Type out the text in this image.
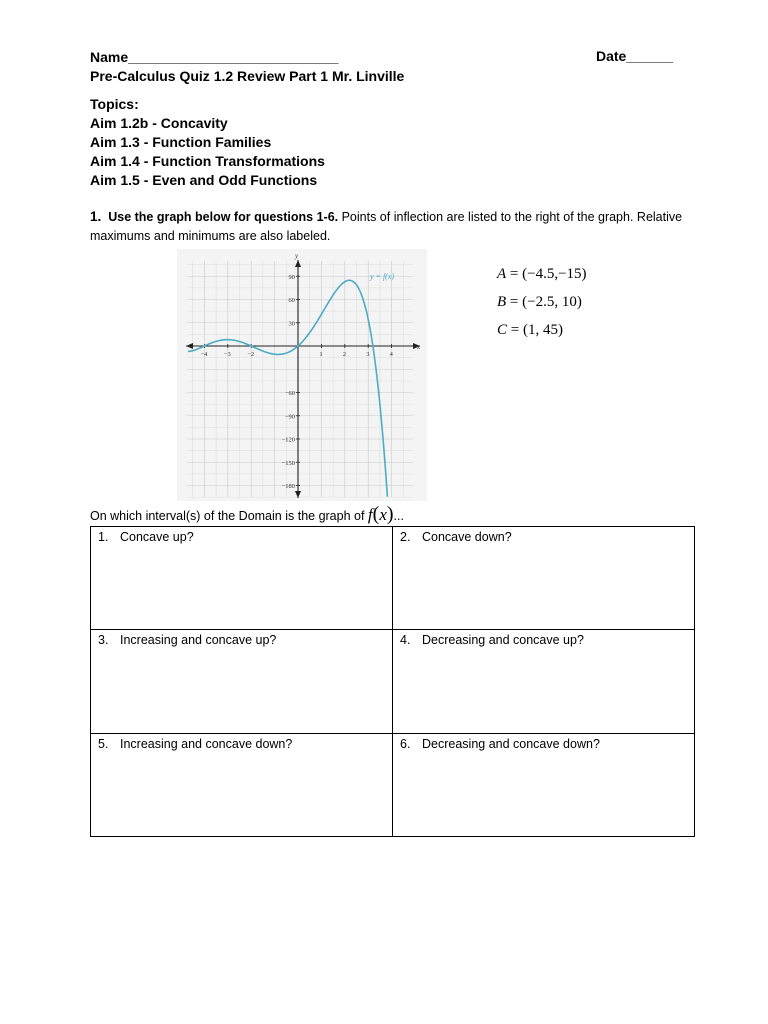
Name___________________________	Date______
Pre-Calculus Quiz 1.2 Review Part 1 Mr. Linville
Topics:
Aim 1.2b - Concavity
Aim 1.3 - Function Families
Aim 1.4 - Function Transformations
Aim 1.5 - Even and Odd Functions
1. Use the graph below for questions 1-6. Points of inflection are listed to the right of the graph. Relative maximums and minimums are also labeled.
x
y
−4	−3	−2	1	2	3	4
90
60
30
−60
−90
−120
−150
−180
y = f(x)	A = (−4.5,−15)
B = (−2.5, 10)
C = (1, 45)
On which interval(s) of the Domain is the graph of f(x)...
1. Concave up?	2. Concave down?
3. Increasing and concave up?	4. Decreasing and concave up?
5. Increasing and concave down?	6. Decreasing and concave down?
